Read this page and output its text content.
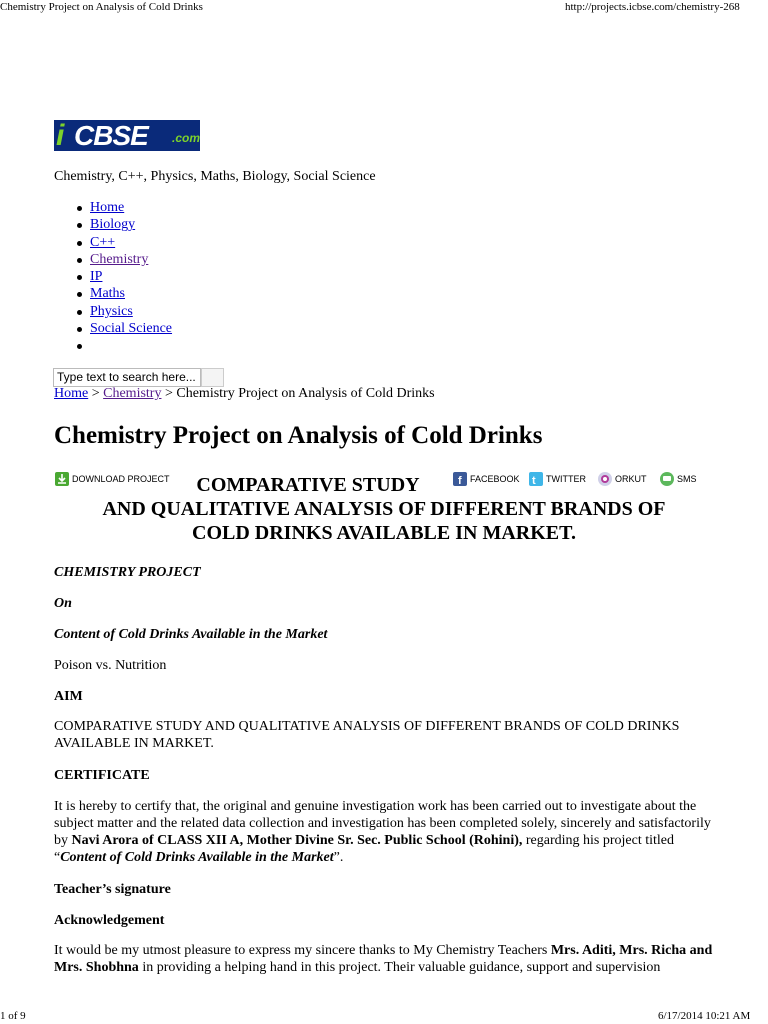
Chemistry Project on Analysis of Cold Drinks	http://projects.icbse.com/chemistry-268
i CBSE .com
Chemistry, C++, Physics, Maths, Biology, Social Science
Home
Biology
C++
Chemistry
IP
Maths
Physics
Social Science
Type text to search here...
Home > Chemistry > Chemistry Project on Analysis of Cold Drinks
Chemistry Project on Analysis of Cold Drinks
DOWNLOAD PROJECT	f FACEBOOK t TWITTER	ORKUT	SMS
COMPARATIVE STUDY
AND QUALITATIVE ANALYSIS OF DIFFERENT BRANDS OF
COLD DRINKS AVAILABLE IN MARKET.
CHEMISTRY PROJECT
On
Content of Cold Drinks Available in the Market
Poison vs. Nutrition
AIM
COMPARATIVE STUDY AND QUALITATIVE ANALYSIS OF DIFFERENT BRANDS OF COLD DRINKS AVAILABLE IN MARKET.
CERTIFICATE
It is hereby to certify that, the original and genuine investigation work has been carried out to investigate about the subject matter and the related data collection and investigation has been completed solely, sincerely and satisfactorily by Navi Arora of CLASS XII A, Mother Divine Sr. Sec. Public School (Rohini), regarding his project titled “Content of Cold Drinks Available in the Market”.
Teacher’s signature
Acknowledgement
It would be my utmost pleasure to express my sincere thanks to My Chemistry Teachers Mrs. Aditi, Mrs. Richa and Mrs. Shobhna in providing a helping hand in this project. Their valuable guidance, support and supervision
1 of 9	6/17/2014 10:21 AM
